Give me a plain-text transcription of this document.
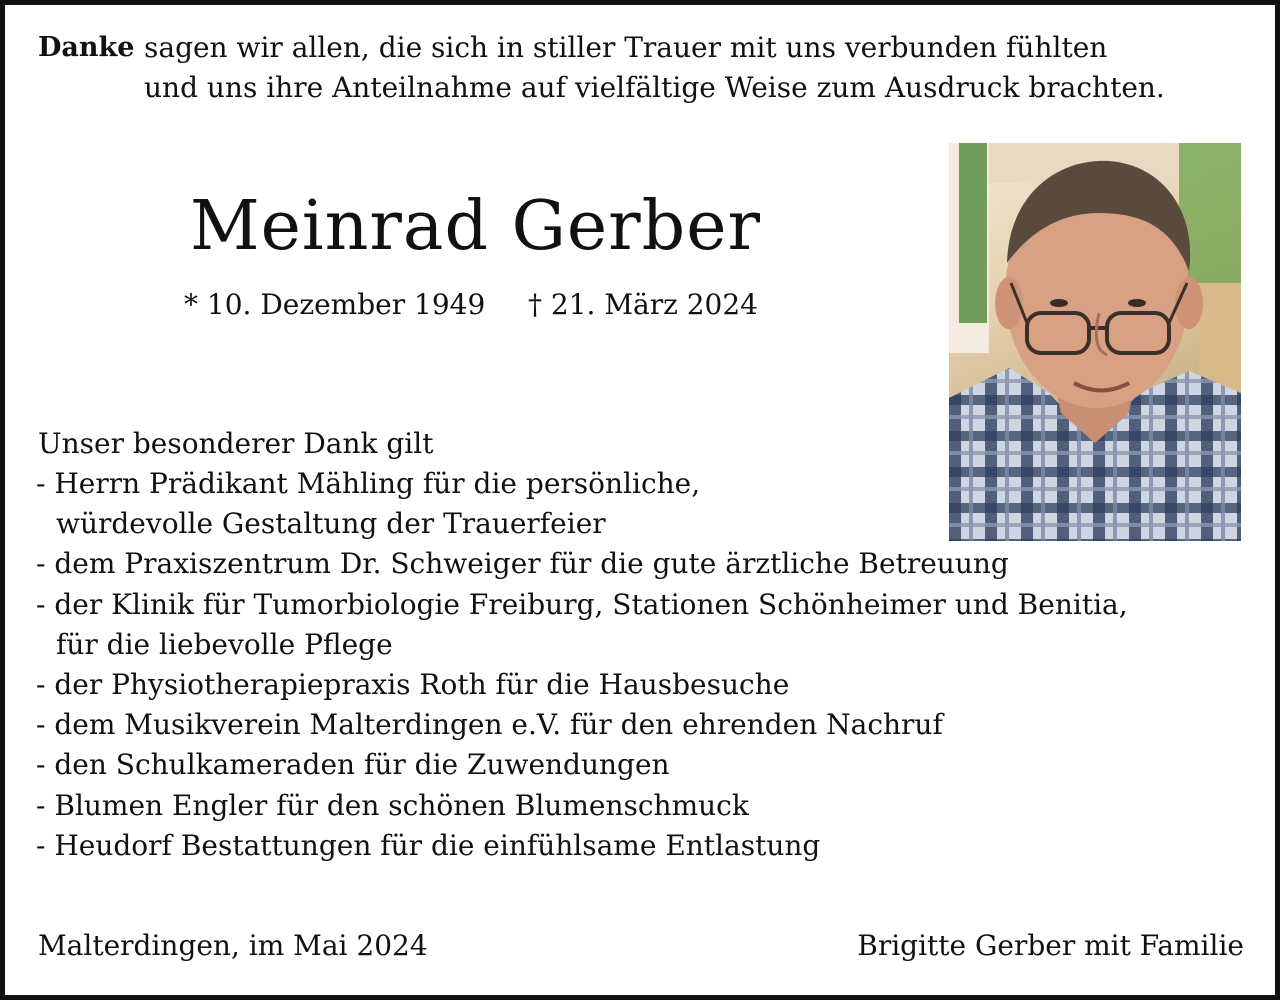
Danke sagen wir allen, die sich in stiller Trauer mit uns verbunden fühlten
und uns ihre Anteilnahme auf vielfältige Weise zum Ausdruck brachten.
Meinrad Gerber
* 10. Dezember 1949 † 21. März 2024
Unser besonderer Dank gilt
- Herrn Prädikant Mähling für die persönliche,
würdevolle Gestaltung der Trauerfeier
- dem Praxiszentrum Dr. Schweiger für die gute ärztliche Betreuung
- der Klinik für Tumorbiologie Freiburg, Stationen Schönheimer und Benitia,
für die liebevolle Pflege
- der Physiotherapiepraxis Roth für die Hausbesuche
- dem Musikverein Malterdingen e.V. für den ehrenden Nachruf
- den Schulkameraden für die Zuwendungen
- Blumen Engler für den schönen Blumenschmuck
- Heudorf Bestattungen für die einfühlsame Entlastung
Malterdingen, im Mai 2024	Brigitte Gerber mit Familie
